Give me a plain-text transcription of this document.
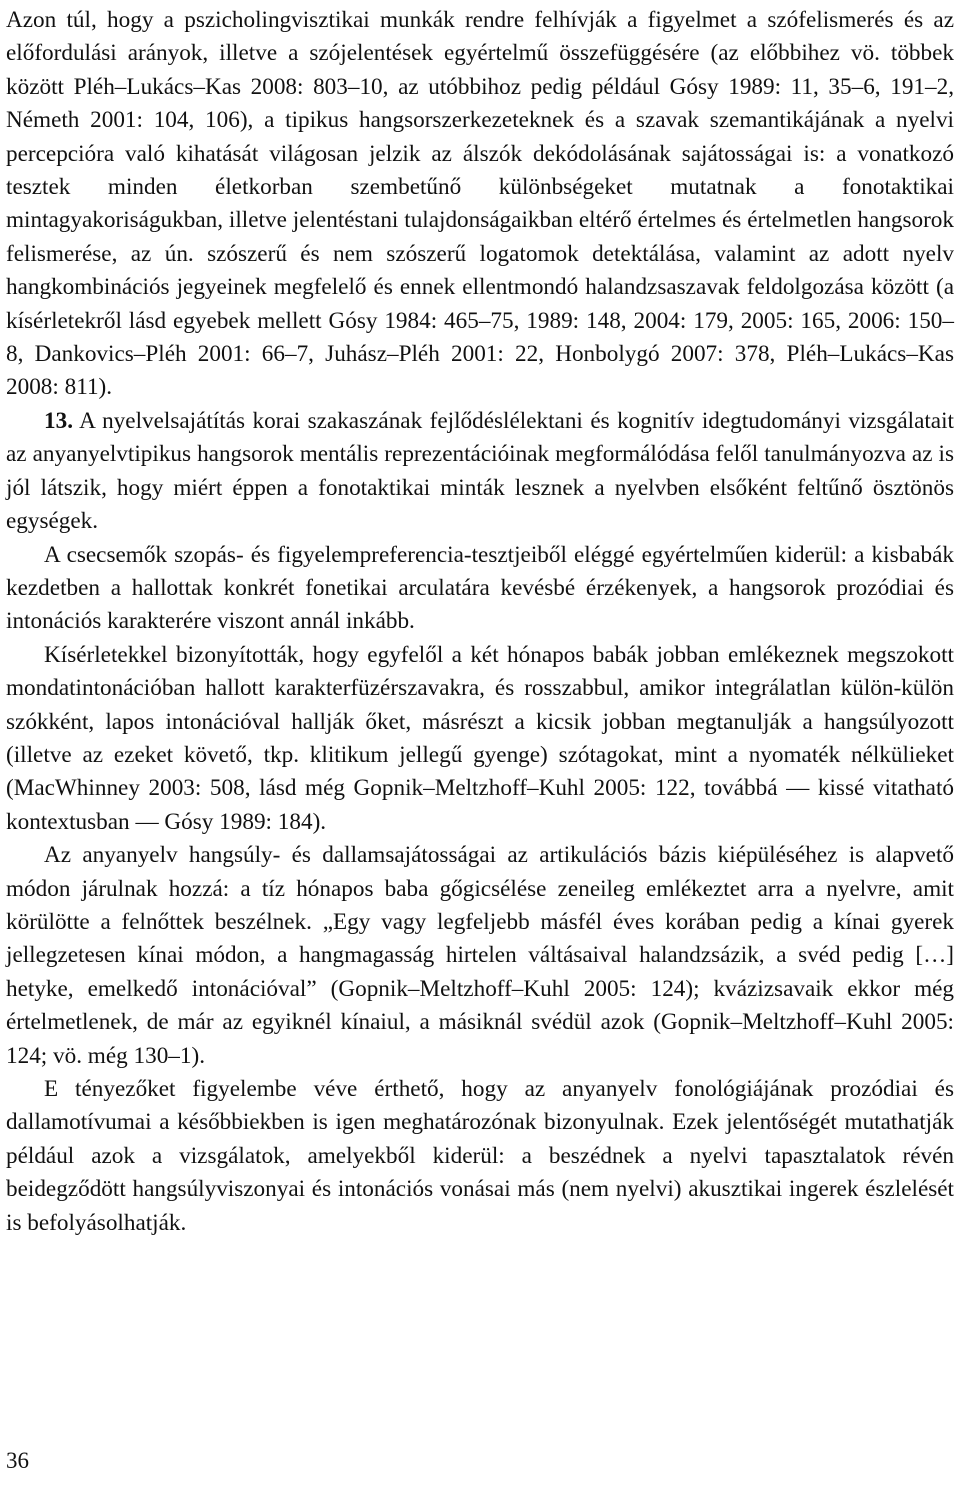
Azon túl, hogy a pszicholingvisztikai munkák rendre felhívják a figyelmet a szófelismerés és az előfordulási arányok, illetve a szójelentések egyértelmű összefüggésére (az előbbihez vö. többek között Pléh–Lukács–Kas 2008: 803–10, az utóbbihoz pedig például Gósy 1989: 11, 35–6, 191–2, Németh 2001: 104, 106), a tipikus hangsorszerkezeteknek és a szavak szemantikájának a nyelvi percepcióra való kihatását világosan jelzik az álszók dekódolásának sajátosságai is: a vonatkozó tesztek minden életkorban szembetűnő különbségeket mutatnak a fonotaktikai mintagyakoriságukban, illetve jelentéstani tulajdonságaikban eltérő értelmes és értelmetlen hangsorok felismerése, az ún. szószerű és nem szószerű logatomok detektálása, valamint az adott nyelv hangkombinációs jegyeinek megfelelő és ennek ellentmondó halandzsaszavak feldolgozása között (a kísérletekről lásd egyebek mellett Gósy 1984: 465–75, 1989: 148, 2004: 179, 2005: 165, 2006: 150–8, Dankovics–Pléh 2001: 66–7, Juhász–Pléh 2001: 22, Honbolygó 2007: 378, Pléh–Lukács–Kas 2008: 811).

13. A nyelvelsajátítás korai szakaszának fejlődéslélektani és kognitív idegtudományi vizsgálatait az anyanyelvtipikus hangsorok mentális reprezentációinak megformálódása felől tanulmányozva az is jól látszik, hogy miért éppen a fonotaktikai minták lesznek a nyelvben elsőként feltűnő ösztönös egységek.

A csecsemők szopás- és figyelempreferencia-tesztjeiből eléggé egyértelműen kiderül: a kisbabák kezdetben a hallottak konkrét fonetikai arculatára kevésbé érzékenyek, a hangsorok prozódiai és intonációs karakterére viszont annál inkább.

Kísérletekkel bizonyították, hogy egyfelől a két hónapos babák jobban emlékeznek megszokott mondatintonációban hallott karakterfüzérszavakra, és rosszabbul, amikor integrálatlan külön-külön szókként, lapos intonációval hallják őket, másrészt a kicsik jobban megtanulják a hangsúlyozott (illetve az ezeket követő, tkp. klitikum jellegű gyenge) szótagokat, mint a nyomaték nélkülieket (MacWhinney 2003: 508, lásd még Gopnik–Meltzhoff–Kuhl 2005: 122, továbbá — kissé vitatható kontextusban — Gósy 1989: 184).

Az anyanyelv hangsúly- és dallamsajátosságai az artikulációs bázis kiépüléséhez is alapvető módon járulnak hozzá: a tíz hónapos baba gőgicsélése zeneileg emlékeztet arra a nyelvre, amit körülötte a felnőttek beszélnek. „Egy vagy legfeljebb másfél éves korában pedig a kínai gyerek jellegzetesen kínai módon, a hangmagasság hirtelen váltásaival halandzsázik, a svéd pedig […] hetyke, emelkedő intonációval” (Gopnik–Meltzhoff–Kuhl 2005: 124); kvázizsavaik ekkor még értelmetlenek, de már az egyiknél kínaiul, a másiknál svédül azok (Gopnik–Meltzhoff–Kuhl 2005: 124; vö. még 130–1).

E tényezőket figyelembe véve érthető, hogy az anyanyelv fonológiájának prozódiai és dallamotívumai a későbbiekben is igen meghatározónak bizonyulnak. Ezek jelentőségét mutathatják például azok a vizsgálatok, amelyekből kiderül: a beszédnek a nyelvi tapasztalatok révén beidegződött hangsúlyviszonyai és intonációs vonásai más (nem nyelvi) akusztikai ingerek észlelését is befolyásolhatják.

36
